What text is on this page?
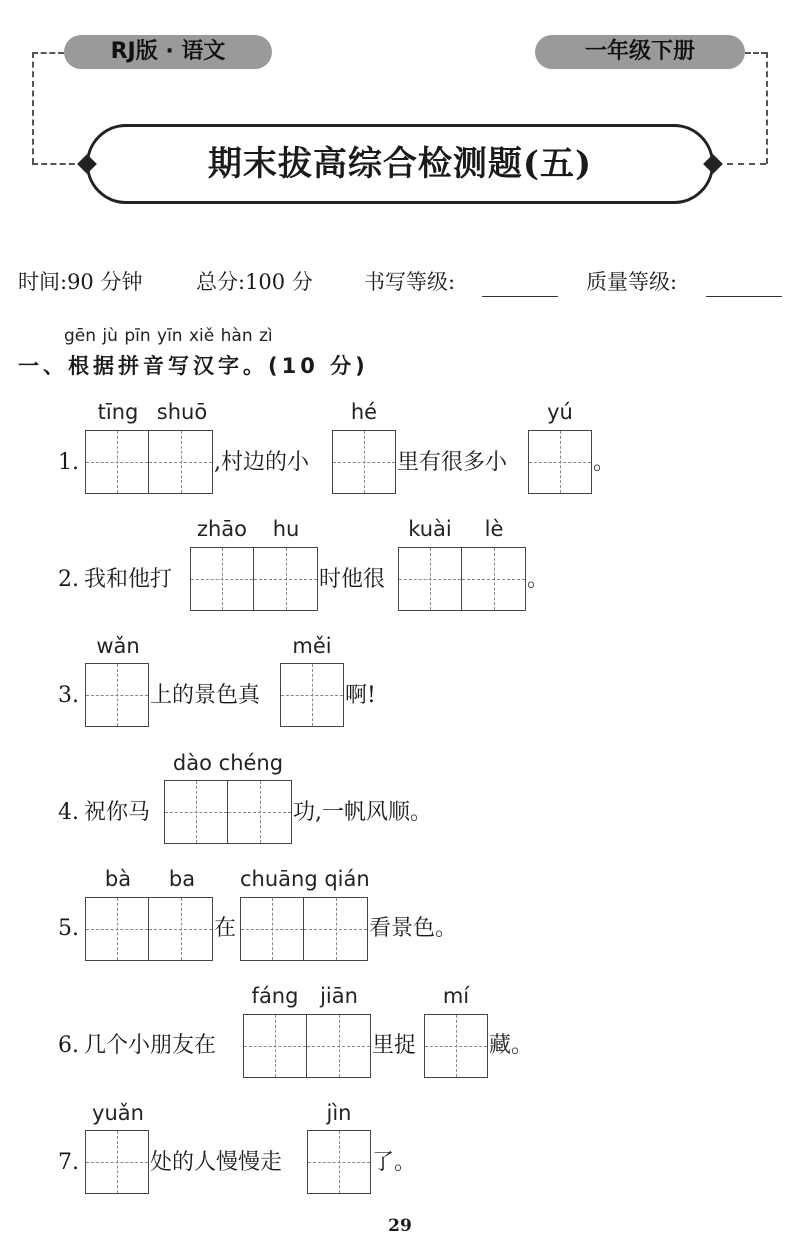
RJ版 · 语文	一年级下册
期末拔高综合检测题(五)
时间:90 分钟	总分:100 分 书写等级:	质量等级:
gēn jù pīn yīn xiě hàn zì
一、根据拼音写汉字。(10 分)
1.
tīng shuō
,村边的小
hé
里有很多小
yú
。
2. 我和他打
zhāo	hu
时他很
kuài	lè
。
3.
wǎn
上的景色真
měi
啊!
4. 祝你马
dào chéng
功,一帆风顺。
5.
bà	ba
在
chuāng qián
看景色。
6. 几个小朋友在
fáng	jiān
里捉
mí
藏。
7.
yuǎn
处的人慢慢走
jìn
了。
29
